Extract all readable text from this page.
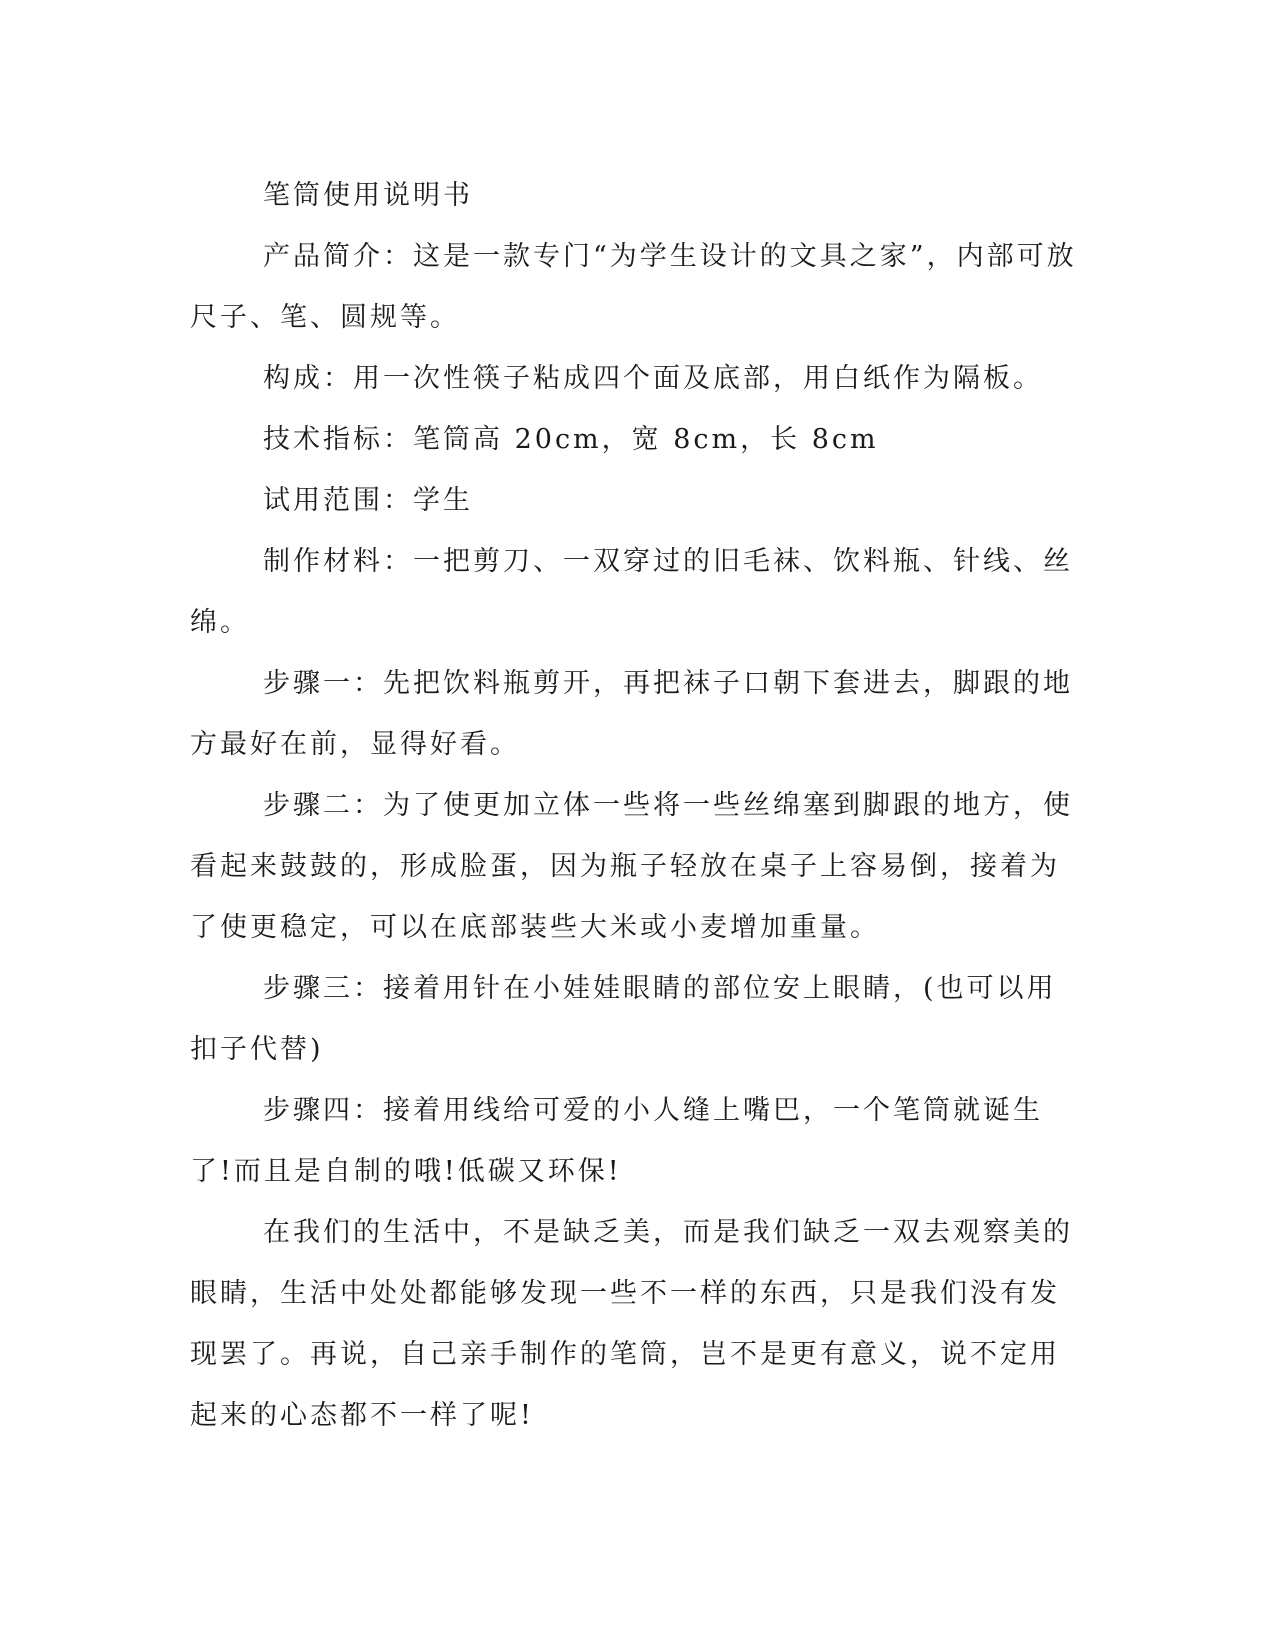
笔筒使用说明书

产品简介：这是一款专门“为学生设计的文具之家”，内部可放尺子、笔、圆规等。

构成：用一次性筷子粘成四个面及底部，用白纸作为隔板。

技术指标：笔筒高 20cm，宽 8cm，长 8cm

试用范围：学生

制作材料：一把剪刀、一双穿过的旧毛袜、饮料瓶、针线、丝绵。

步骤一：先把饮料瓶剪开，再把袜子口朝下套进去，脚跟的地方最好在前，显得好看。

步骤二：为了使更加立体一些将一些丝绵塞到脚跟的地方，使看起来鼓鼓的，形成脸蛋，因为瓶子轻放在桌子上容易倒，接着为了使更稳定，可以在底部装些大米或小麦增加重量。

步骤三：接着用针在小娃娃眼睛的部位安上眼睛，(也可以用扣子代替)

步骤四：接着用线给可爱的小人缝上嘴巴，一个笔筒就诞生了!而且是自制的哦!低碳又环保!

在我们的生活中，不是缺乏美，而是我们缺乏一双去观察美的眼睛，生活中处处都能够发现一些不一样的东西，只是我们没有发现罢了。再说，自己亲手制作的笔筒，岂不是更有意义，说不定用起来的心态都不一样了呢!
